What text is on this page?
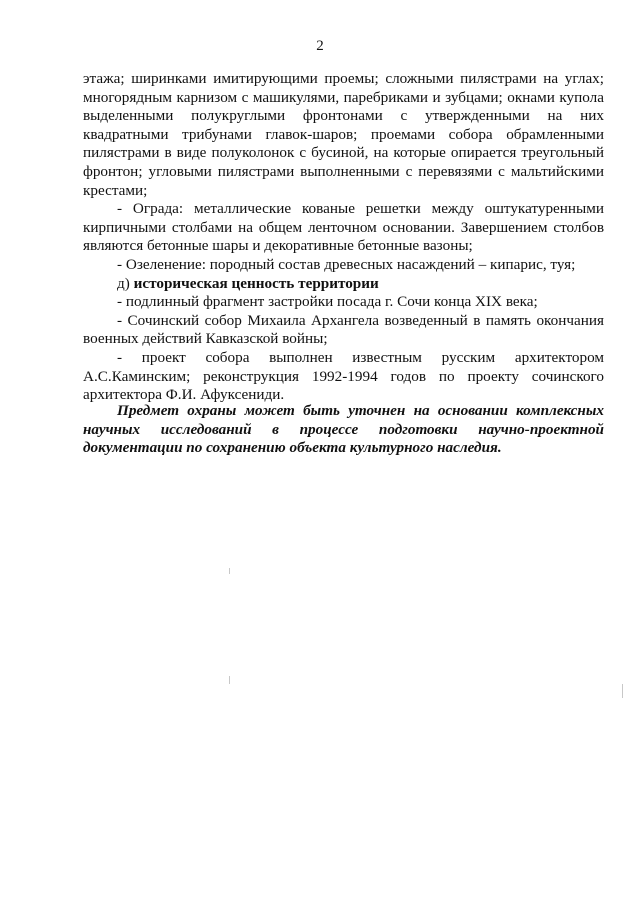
2

этажа; ширинками имитирующими проемы; сложными пилястрами на углах; многорядным карнизом с машикулями, паребриками и зубцами; окнами купола выделенными полукруглыми фронтонами с утвержденными на них квадратными трибунами главок-шаров; проемами собора обрамленными пилястрами в виде полуколонок с бусиной, на которые опирается треугольный фронтон; угловыми пилястрами выполненными с перевязями с мальтийскими крестами;

- Ограда: металлические кованые решетки между оштукатуренными кирпичными столбами на общем ленточном основании. Завершением столбов являются бетонные шары и декоративные бетонные вазоны;

- Озеленение: породный состав древесных насаждений – кипарис, туя;

д) историческая ценность территории

- подлинный фрагмент застройки посада г. Сочи конца XIX века;

- Сочинский собор Михаила Архангела возведенный в память окончания военных действий Кавказской войны;

- проект собора выполнен известным русским архитектором А.С.Каминским; реконструкция 1992-1994 годов по проекту сочинского архитектора Ф.И. Афуксениди.

Предмет охраны может быть уточнен на основании комплексных научных исследований в процессе подготовки научно-проектной документации по сохранению объекта культурного наследия.
